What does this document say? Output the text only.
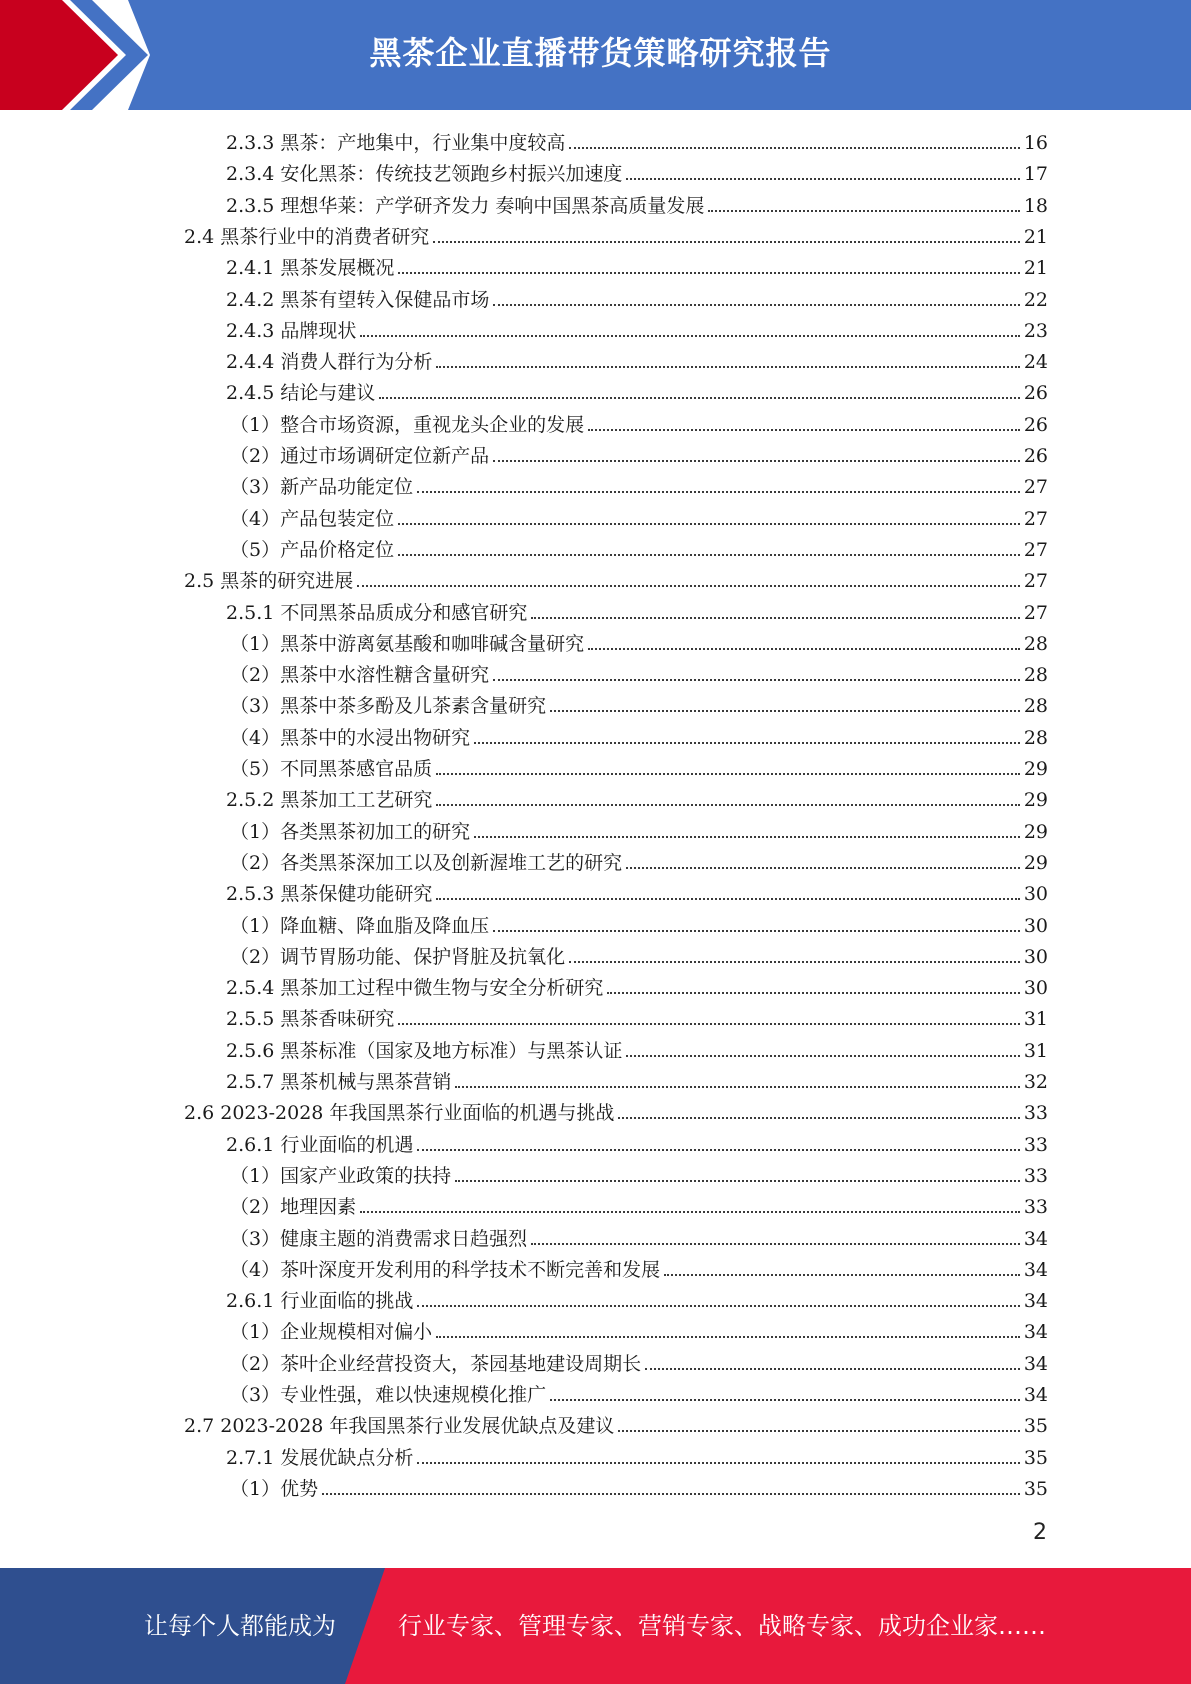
黑茶企业直播带货策略研究报告
2.3.3 黑茶：产地集中，行业集中度较高	16
2.3.4 安化黑茶：传统技艺领跑乡村振兴加速度	17
2.3.5 理想华莱：产学研齐发力 奏响中国黑茶高质量发展	18
2.4 黑茶行业中的消费者研究	21
2.4.1 黑茶发展概况	21
2.4.2 黑茶有望转入保健品市场	22
2.4.3 品牌现状	23
2.4.4 消费人群行为分析	24
2.4.5 结论与建议	26
（1）整合市场资源，重视龙头企业的发展	26
（2）通过市场调研定位新产品	26
（3）新产品功能定位	27
（4）产品包装定位	27
（5）产品价格定位	27
2.5 黑茶的研究进展	27
2.5.1 不同黑茶品质成分和感官研究	27
（1）黑茶中游离氨基酸和咖啡碱含量研究	28
（2）黑茶中水溶性糖含量研究	28
（3）黑茶中茶多酚及儿茶素含量研究	28
（4）黑茶中的水浸出物研究	28
（5）不同黑茶感官品质	29
2.5.2 黑茶加工工艺研究	29
（1）各类黑茶初加工的研究	29
（2）各类黑茶深加工以及创新渥堆工艺的研究	29
2.5.3 黑茶保健功能研究	30
（1）降血糖、降血脂及降血压	30
（2）调节胃肠功能、保护肾脏及抗氧化	30
2.5.4 黑茶加工过程中微生物与安全分析研究	30
2.5.5 黑茶香味研究	31
2.5.6 黑茶标准（国家及地方标准）与黑茶认证	31
2.5.7 黑茶机械与黑茶营销	32
2.6 2023-2028 年我国黑茶行业面临的机遇与挑战	33
2.6.1 行业面临的机遇	33
（1）国家产业政策的扶持	33
（2）地理因素	33
（3）健康主题的消费需求日趋强烈	34
（4）茶叶深度开发利用的科学技术不断完善和发展	34
2.6.1 行业面临的挑战	34
（1）企业规模相对偏小	34
（2）茶叶企业经营投资大，茶园基地建设周期长	34
（3）专业性强，难以快速规模化推广	34
2.7 2023-2028 年我国黑茶行业发展优缺点及建议	35
2.7.1 发展优缺点分析	35
（1）优势	35
2
让每个人都能成为	行业专家、管理专家、营销专家、战略专家、成功企业家……
